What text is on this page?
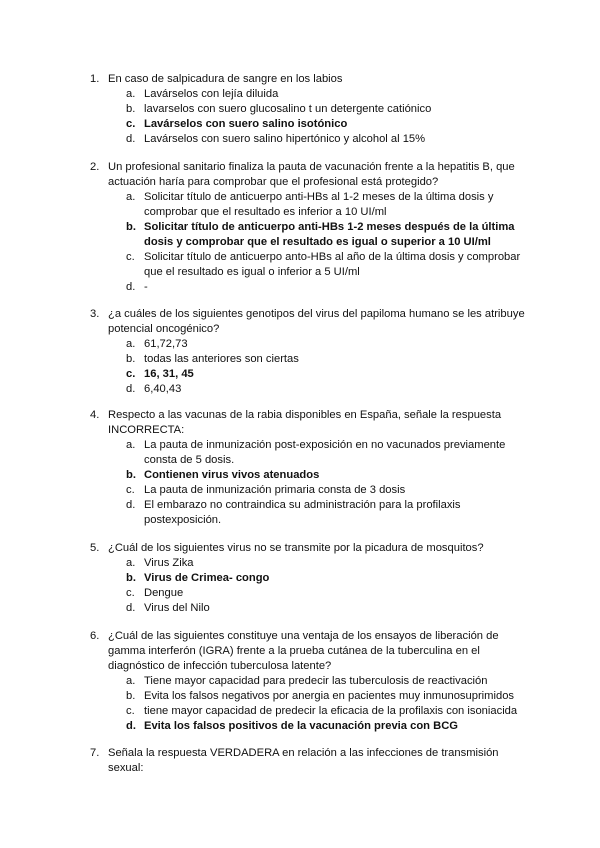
1. En caso de salpicadura de sangre en los labios
a. Lavárselos con lejía diluida
b. lavarselos con suero glucosalino t un detergente catiónico
c. Lavárselos con suero salino isotónico
d. Lavárselos con suero salino hipertónico y alcohol al 15%
2. Un profesional sanitario finaliza la pauta de vacunación frente a la hepatitis B, que actuación haría para comprobar que el profesional está protegido?
a. Solicitar título de anticuerpo anti-HBs al 1-2 meses de la última dosis y comprobar que el resultado es inferior a 10 UI/ml
b. Solicitar título de anticuerpo anti-HBs 1-2 meses después de la última dosis y comprobar que el resultado es igual o superior a 10 UI/ml
c. Solicitar título de anticuerpo anto-HBs al año de la última dosis y comprobar que el resultado es igual o inferior a 5 UI/ml
d. -
3. ¿a cuáles de los siguientes genotipos del virus del papiloma humano se les atribuye potencial oncogénico?
a. 61,72,73
b. todas las anteriores son ciertas
c. 16, 31, 45
d. 6,40,43
4. Respecto a las vacunas de la rabia disponibles en España, señale la respuesta INCORRECTA:
a. La pauta de inmunización post-exposición en no vacunados previamente consta de 5 dosis.
b. Contienen virus vivos atenuados
c. La pauta de inmunización primaria consta de 3 dosis
d. El embarazo no contraindica su administración para la profilaxis postexposición.
5. ¿Cuál de los siguientes virus no se transmite por la picadura de mosquitos?
a. Virus Zika
b. Virus de Crimea- congo
c. Dengue
d. Virus del Nilo
6. ¿Cuál de las siguientes constituye una ventaja de los ensayos de liberación de gamma interferón (IGRA) frente a la prueba cutánea de la tuberculina en el diagnóstico de infección tuberculosa latente?
a. Tiene mayor capacidad para predecir las tuberculosis de reactivación
b. Evita los falsos negativos por anergia en pacientes muy inmunosuprimidos
c. tiene mayor capacidad de predecir la eficacia de la profilaxis con isoniacida
d. Evita los falsos positivos de la vacunación previa con BCG
7. Señala la respuesta VERDADERA en relación a las infecciones de transmisión sexual:
